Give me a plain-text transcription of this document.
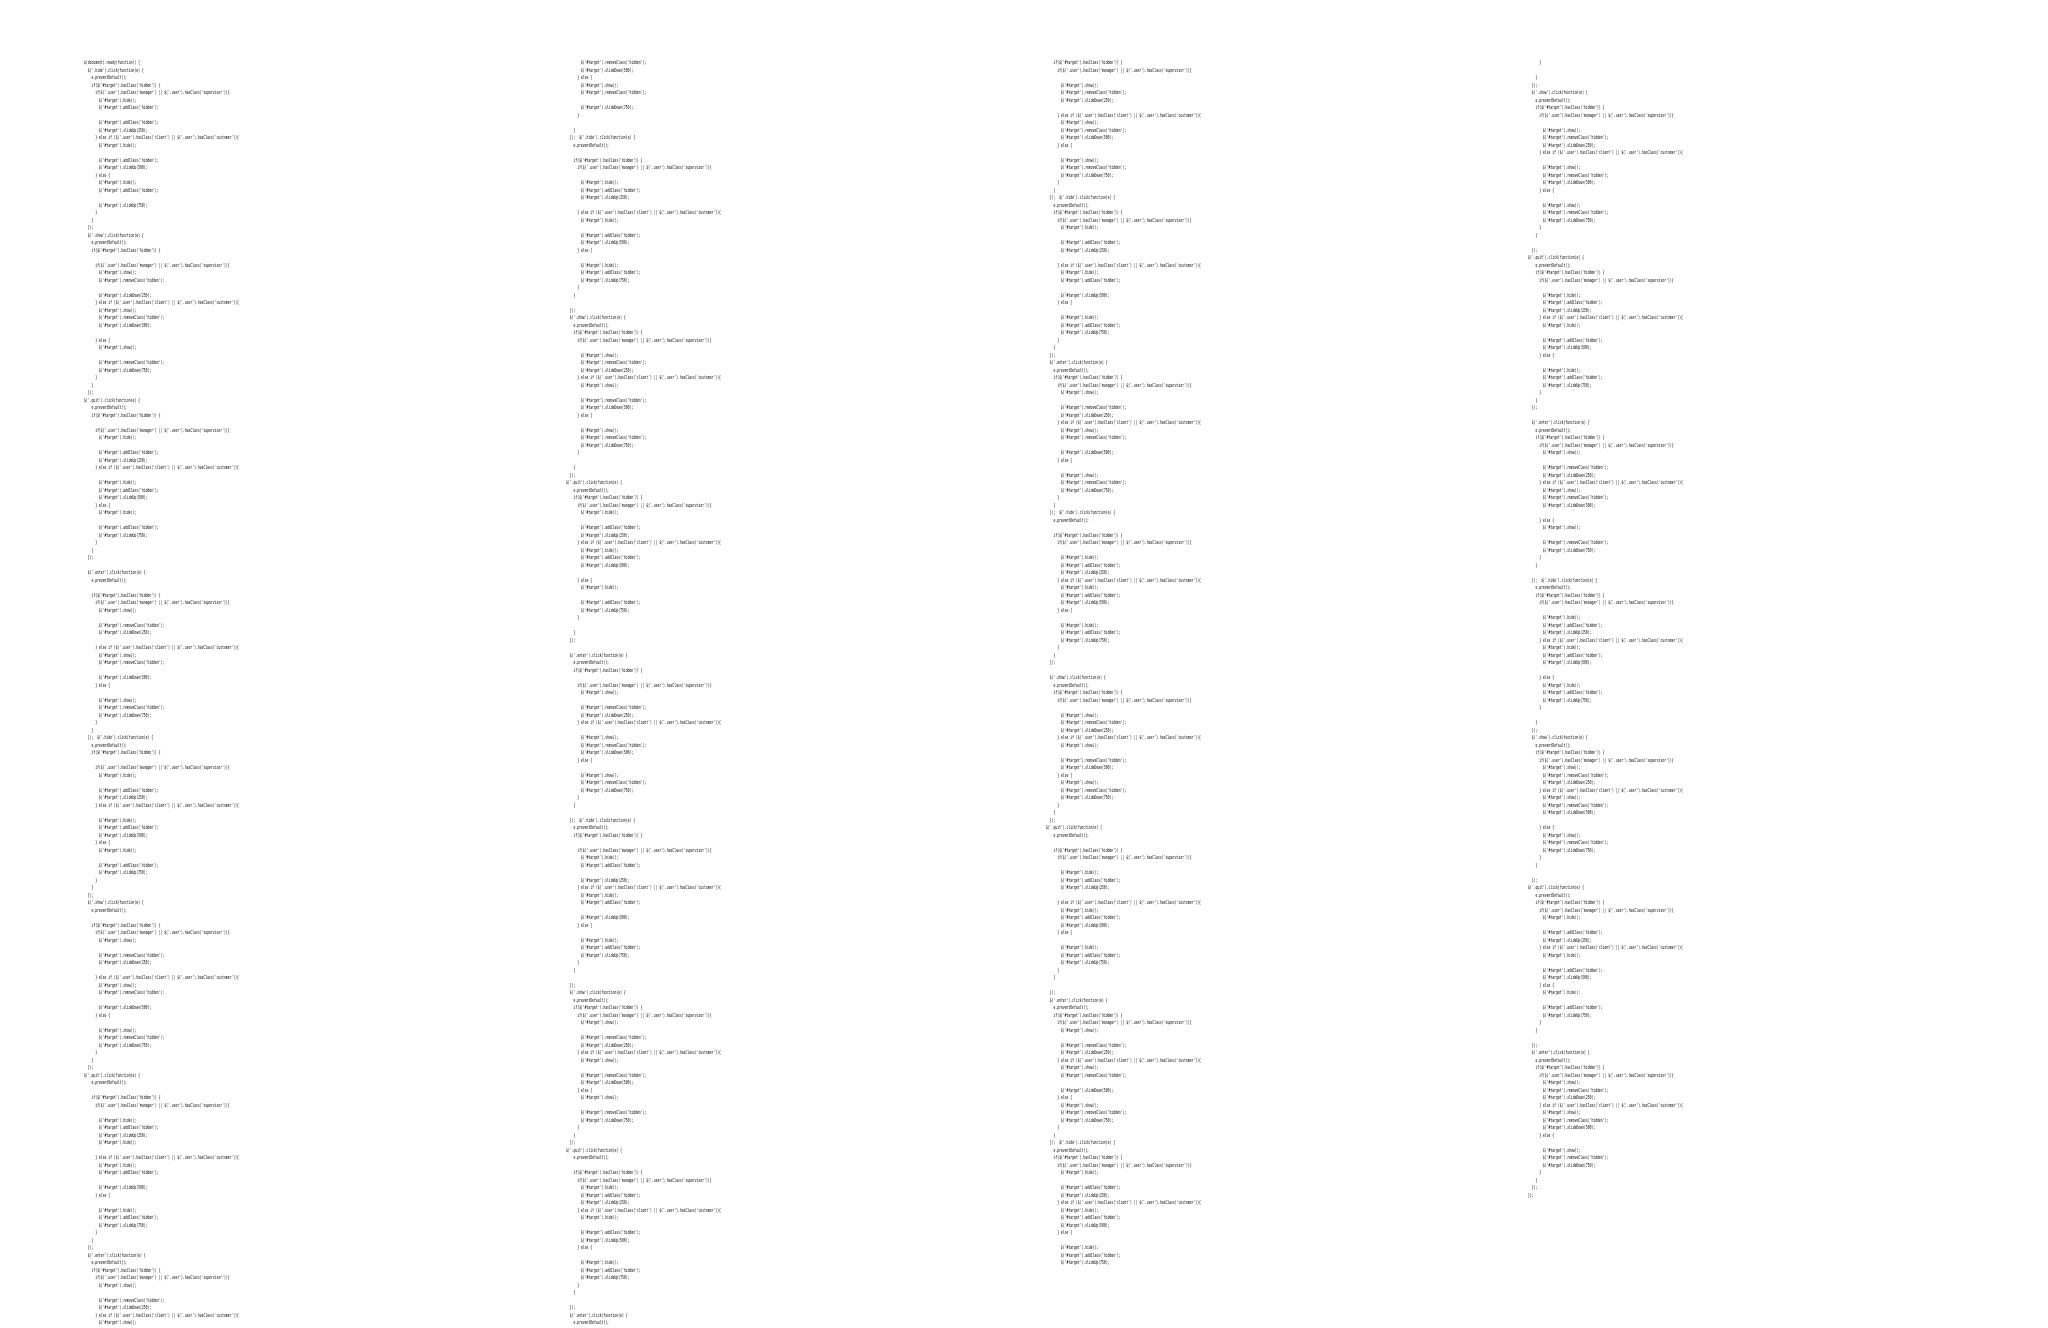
$(document).ready(function() {
$('.hide').click(function(e) {
e.preventDefault();
if($('#target').hasClass('hidden')) {
if($('.user').hasClass('manager') || $('.user').hasClass('supervisor')){
$('#target').hide();
$('#target').addClass('hidden');

$('#target').addClass('hidden');
$('#target').slideUp(250);
} else if ($('.user').hasClass('client') || $('.user').hasClass('customer')){
$('#target').hide();

$('#target').addClass('hidden');
$('#target').slideUp(500);
} else {
$('#target').hide();
$('#target').addClass('hidden');

$('#target').slideUp(750);
}
}
});
$('.show').click(function(e) {
e.preventDefault();
if($('#target').hasClass('hidden')) {

if($('.user').hasClass('manager') || $('.user').hasClass('supervisor')){
$('#target').show();
$('#target').removeClass('hidden');

$('#target').slideDown(250);
} else if ($('.user').hasClass('client') || $('.user').hasClass('customer')){
$('#target').show();
$('#target').removeClass('hidden');
$('#target').slideDown(500);

} else {
$('#target').show();

$('#target').removeClass('hidden');
$('#target').slideDown(750);
}
}
});
$('.quit').click(function(e) {
e.preventDefault();
if($('#target').hasClass('hidden')) {

if($('.user').hasClass('manager') || $('.user').hasClass('supervisor')){
$('#target').hide();

$('#target').addClass('hidden');
$('#target').slideUp(250);
} else if ($('.user').hasClass('client') || $('.user').hasClass('customer')){

$('#target').hide();
$('#target').addClass('hidden');
$('#target').slideUp(500);
} else {
$('#target').hide();

$('#target').addClass('hidden');
$('#target').slideUp(750);
}
}
});

$('.enter').click(function(e) {
e.preventDefault();

if($('#target').hasClass('hidden')) {
if($('.user').hasClass('manager') || $('.user').hasClass('supervisor')){
$('#target').show();

$('#target').removeClass('hidden');
$('#target').slideDown(250);

} else if ($('.user').hasClass('client') || $('.user').hasClass('customer')){
$('#target').show();
$('#target').removeClass('hidden');

$('#target').slideDown(500);
} else {

$('#target').show();
$('#target').removeClass('hidden');
$('#target').slideDown(750);
}
}
});  $('.hide').click(function(e) {
e.preventDefault();
if($('#target').hasClass('hidden')) {

if($('.user').hasClass('manager') || $('.user').hasClass('supervisor')){
$('#target').hide();

$('#target').addClass('hidden');
$('#target').slideUp(250);
} else if ($('.user').hasClass('client') || $('.user').hasClass('customer')){

$('#target').hide();
$('#target').addClass('hidden');
$('#target').slideUp(500);
} else {
$('#target').hide();

$('#target').addClass('hidden');
$('#target').slideUp(750);
}
}
});
$('.show').click(function(e) {
e.preventDefault();

if($('#target').hasClass('hidden')) {
if($('.user').hasClass('manager') || $('.user').hasClass('supervisor')){
$('#target').show();

$('#target').removeClass('hidden');
$('#target').slideDown(250);

} else if ($('.user').hasClass('client') || $('.user').hasClass('customer')){
$('#target').show();
$('#target').removeClass('hidden');

$('#target').slideDown(500);
} else {

$('#target').show();
$('#target').removeClass('hidden');
$('#target').slideDown(750);
}
}
});
$('.quit').click(function(e) {
e.preventDefault();

if($('#target').hasClass('hidden')) {
if($('.user').hasClass('manager') || $('.user').hasClass('supervisor')){

$('#target').hide();
$('#target').addClass('hidden');
$('#target').slideUp(250);
$('#target').hide();

} else if ($('.user').hasClass('client') || $('.user').hasClass('customer')){
$('#target').hide();
$('#target').addClass('hidden');

$('#target').slideUp(500);
} else {

$('#target').hide();
$('#target').addClass('hidden');
$('#target').slideUp(750);
}
}
});
$('.enter').click(function(e) {
e.preventDefault();
if($('#target').hasClass('hidden')) {
if($('.user').hasClass('manager') || $('.user').hasClass('supervisor')){
$('#target').show();

$('#target').removeClass('hidden');
$('#target').slideDown(250);
} else if ($('.user').hasClass('client') || $('.user').hasClass('customer')){
$('#target').show();
$('#target').removeClass('hidden');
$('#target').slideDown(500);
} else {
$('#target').show();
$('#target').removeClass('hidden');

$('#target').slideDown(750);
}

}
});  $('.hide').click(function(e) {
e.preventDefault();

if($('#target').hasClass('hidden')) {
if($('.user').hasClass('manager') || $('.user').hasClass('supervisor')){

$('#target').hide();
$('#target').addClass('hidden');
$('#target').slideUp(250);

} else if ($('.user').hasClass('client') || $('.user').hasClass('customer')){
$('#target').hide();

$('#target').addClass('hidden');
$('#target').slideUp(500);
} else {

$('#target').hide();
$('#target').addClass('hidden');
$('#target').slideUp(750);
}
}

});
$('.show').click(function(e) {
e.preventDefault();
if($('#target').hasClass('hidden')) {
if($('.user').hasClass('manager') || $('.user').hasClass('supervisor')){

$('#target').show();
$('#target').removeClass('hidden');
$('#target').slideDown(250);
} else if ($('.user').hasClass('client') || $('.user').hasClass('customer')){
$('#target').show();

$('#target').removeClass('hidden');
$('#target').slideDown(500);
} else {

$('#target').show();
$('#target').removeClass('hidden');
$('#target').slideDown(750);
}

}
});
$('.quit').click(function(e) {
e.preventDefault();
if($('#target').hasClass('hidden')) {
if($('.user').hasClass('manager') || $('.user').hasClass('supervisor')){
$('#target').hide();

$('#target').addClass('hidden');
$('#target').slideUp(250);
} else if ($('.user').hasClass('client') || $('.user').hasClass('customer')){
$('#target').hide();
$('#target').addClass('hidden');
$('#target').slideUp(500);

} else {
$('#target').hide();

$('#target').addClass('hidden');
$('#target').slideUp(750);
}

}
});

$('.enter').click(function(e) {
e.preventDefault();
if($('#target').hasClass('hidden')) {

if($('.user').hasClass('manager') || $('.user').hasClass('supervisor')){
$('#target').show();

$('#target').removeClass('hidden');
$('#target').slideDown(250);
} else if ($('.user').hasClass('client') || $('.user').hasClass('customer')){

$('#target').show();
$('#target').removeClass('hidden');
$('#target').slideDown(500);
} else {

$('#target').show();
$('#target').removeClass('hidden');
$('#target').slideDown(750);
}
}

});  $('.hide').click(function(e) {
e.preventDefault();
if($('#target').hasClass('hidden')) {

if($('.user').hasClass('manager') || $('.user').hasClass('supervisor')){
$('#target').hide();
$('#target').addClass('hidden');

$('#target').slideUp(250);
} else if ($('.user').hasClass('client') || $('.user').hasClass('customer')){
$('#target').hide();
$('#target').addClass('hidden');

$('#target').slideUp(500);
} else {

$('#target').hide();
$('#target').addClass('hidden');
$('#target').slideUp(750);
}
}

});
$('.show').click(function(e) {
e.preventDefault();
if($('#target').hasClass('hidden')) {
if($('.user').hasClass('manager') || $('.user').hasClass('supervisor')){
$('#target').show();

$('#target').removeClass('hidden');
$('#target').slideDown(250);
} else if ($('.user').hasClass('client') || $('.user').hasClass('customer')){
$('#target').show();

$('#target').removeClass('hidden');
$('#target').slideDown(500);
} else {
$('#target').show();

$('#target').removeClass('hidden');
$('#target').slideDown(750);
}
}
});
$('.quit').click(function(e) {
e.preventDefault();

if($('#target').hasClass('hidden')) {
if($('.user').hasClass('manager') || $('.user').hasClass('supervisor')){
$('#target').hide();
$('#target').addClass('hidden');
$('#target').slideUp(250);
} else if ($('.user').hasClass('client') || $('.user').hasClass('customer')){
$('#target').hide();

$('#target').addClass('hidden');
$('#target').slideUp(500);
} else {

$('#target').hide();
$('#target').addClass('hidden');
$('#target').slideUp(750);
}
}

});
$('.enter').click(function(e) {
e.preventDefault();
if($('#target').hasClass('hidden')) {
if($('.user').hasClass('manager') || $('.user').hasClass('supervisor')){

$('#target').show();
$('#target').removeClass('hidden');
$('#target').slideDown(250);

} else if ($('.user').hasClass('client') || $('.user').hasClass('customer')){
$('#target').show();
$('#target').removeClass('hidden');
$('#target').slideDown(500);
} else {

$('#target').show();
$('#target').removeClass('hidden');
$('#target').slideDown(750);
}
}
});  $('.hide').click(function(e) {
e.preventDefault();
if($('#target').hasClass('hidden')) {
if($('.user').hasClass('manager') || $('.user').hasClass('supervisor')){
$('#target').hide();

$('#target').addClass('hidden');
$('#target').slideUp(250);

} else if ($('.user').hasClass('client') || $('.user').hasClass('customer')){
$('#target').hide();
$('#target').addClass('hidden');

$('#target').slideUp(500);
} else {

$('#target').hide();
$('#target').addClass('hidden');
$('#target').slideUp(750);
}
}
});
$('.enter').click(function(e) {
e.preventDefault();
if($('#target').hasClass('hidden')) {
if($('.user').hasClass('manager') || $('.user').hasClass('supervisor')){
$('#target').show();

$('#target').removeClass('hidden');
$('#target').slideDown(250);
} else if ($('.user').hasClass('client') || $('.user').hasClass('customer')){
$('#target').show();
$('#target').removeClass('hidden');

$('#target').slideDown(500);
} else {

$('#target').show();
$('#target').removeClass('hidden');
$('#target').slideDown(750);
}
}
});  $('.hide').click(function(e) {
e.preventDefault();

if($('#target').hasClass('hidden')) {
if($('.user').hasClass('manager') || $('.user').hasClass('supervisor')){

$('#target').hide();
$('#target').addClass('hidden');
$('#target').slideUp(250);
} else if ($('.user').hasClass('client') || $('.user').hasClass('customer')){
$('#target').hide();
$('#target').addClass('hidden');
$('#target').slideUp(500);
} else {

$('#target').hide();
$('#target').addClass('hidden');
$('#target').slideUp(750);
}
}
});

$('.show').click(function(e) {
e.preventDefault();
if($('#target').hasClass('hidden')) {
if($('.user').hasClass('manager') || $('.user').hasClass('supervisor')){

$('#target').show();
$('#target').removeClass('hidden');
$('#target').slideDown(250);
} else if ($('.user').hasClass('client') || $('.user').hasClass('customer')){
$('#target').show();

$('#target').removeClass('hidden');
$('#target').slideDown(500);
} else {
$('#target').show();
$('#target').removeClass('hidden');
$('#target').slideDown(750);
}
}
});
$('.quit').click(function(e) {
e.preventDefault();

if($('#target').hasClass('hidden')) {
if($('.user').hasClass('manager') || $('.user').hasClass('supervisor')){

$('#target').hide();
$('#target').addClass('hidden');
$('#target').slideUp(250);

} else if ($('.user').hasClass('client') || $('.user').hasClass('customer')){
$('#target').hide();
$('#target').addClass('hidden');
$('#target').slideUp(500);
} else {

$('#target').hide();
$('#target').addClass('hidden');
$('#target').slideUp(750);
}
}

});
$('.enter').click(function(e) {
e.preventDefault();
if($('#target').hasClass('hidden')) {
if($('.user').hasClass('manager') || $('.user').hasClass('supervisor')){
$('#target').show();

$('#target').removeClass('hidden');
$('#target').slideDown(250);
} else if ($('.user').hasClass('client') || $('.user').hasClass('customer')){
$('#target').show();
$('#target').removeClass('hidden');

$('#target').slideDown(500);
} else {
$('#target').show();
$('#target').removeClass('hidden');
$('#target').slideDown(750);
}
}
});  $('.hide').click(function(e) {
e.preventDefault();
if($('#target').hasClass('hidden')) {
if($('.user').hasClass('manager') || $('.user').hasClass('supervisor')){
$('#target').hide();

$('#target').addClass('hidden');
$('#target').slideUp(250);
} else if ($('.user').hasClass('client') || $('.user').hasClass('customer')){
$('#target').hide();
$('#target').addClass('hidden');
$('#target').slideUp(500);
} else {

$('#target').hide();
$('#target').addClass('hidden');
$('#target').slideUp(750);
}

}
});
$('.show').click(function(e) {
e.preventDefault();
if($('#target').hasClass('hidden')) {
if($('.user').hasClass('manager') || $('.user').hasClass('supervisor')){

$('#target').show();
$('#target').removeClass('hidden');
$('#target').slideDown(250);
} else if ($('.user').hasClass('client') || $('.user').hasClass('customer')){

$('#target').show();
$('#target').removeClass('hidden');
$('#target').slideDown(500);
} else {

$('#target').show();
$('#target').removeClass('hidden');
$('#target').slideDown(750);
}
}

});
$('.quit').click(function(e) {
e.preventDefault();
if($('#target').hasClass('hidden')) {
if($('.user').hasClass('manager') || $('.user').hasClass('supervisor')){

$('#target').hide();
$('#target').addClass('hidden');
$('#target').slideUp(250);
} else if ($('.user').hasClass('client') || $('.user').hasClass('customer')){
$('#target').hide();

$('#target').addClass('hidden');
$('#target').slideUp(500);
} else {

$('#target').hide();
$('#target').addClass('hidden');
$('#target').slideUp(750);
}
}
});

$('.enter').click(function(e) {
e.preventDefault();
if($('#target').hasClass('hidden')) {
if($('.user').hasClass('manager') || $('.user').hasClass('supervisor')){
$('#target').show();

$('#target').removeClass('hidden');
$('#target').slideDown(250);
} else if ($('.user').hasClass('client') || $('.user').hasClass('customer')){
$('#target').show();
$('#target').removeClass('hidden');
$('#target').slideDown(500);

} else {
$('#target').show();

$('#target').removeClass('hidden');
$('#target').slideDown(750);
}
}

});  $('.hide').click(function(e) {
e.preventDefault();
if($('#target').hasClass('hidden')) {
if($('.user').hasClass('manager') || $('.user').hasClass('supervisor')){

$('#target').hide();
$('#target').addClass('hidden');
$('#target').slideUp(250);
} else if ($('.user').hasClass('client') || $('.user').hasClass('customer')){
$('#target').hide();
$('#target').addClass('hidden');
$('#target').slideUp(500);

} else {
$('#target').hide();
$('#target').addClass('hidden');
$('#target').slideUp(750);
}

}
});
$('.show').click(function(e) {
e.preventDefault();
if($('#target').hasClass('hidden')) {
if($('.user').hasClass('manager') || $('.user').hasClass('supervisor')){
$('#target').show();
$('#target').removeClass('hidden');
$('#target').slideDown(250);
} else if ($('.user').hasClass('client') || $('.user').hasClass('customer')){
$('#target').show();
$('#target').removeClass('hidden');
$('#target').slideDown(500);

} else {
$('#target').show();
$('#target').removeClass('hidden');
$('#target').slideDown(750);
}
}

});
$('.quit').click(function(e) {
e.preventDefault();
if($('#target').hasClass('hidden')) {
if($('.user').hasClass('manager') || $('.user').hasClass('supervisor')){
$('#target').hide();

$('#target').addClass('hidden');
$('#target').slideUp(250);
} else if ($('.user').hasClass('client') || $('.user').hasClass('customer')){
$('#target').hide();

$('#target').addClass('hidden');
$('#target').slideUp(500);
} else {
$('#target').hide();

$('#target').addClass('hidden');
$('#target').slideUp(750);
}
}

});
$('.enter').click(function(e) {
e.preventDefault();
if($('#target').hasClass('hidden')) {
if($('.user').hasClass('manager') || $('.user').hasClass('supervisor')){
$('#target').show();
$('#target').removeClass('hidden');
$('#target').slideDown(250);
} else if ($('.user').hasClass('client') || $('.user').hasClass('customer')){
$('#target').show();
$('#target').removeClass('hidden');
$('#target').slideDown(500);
} else {

$('#target').show();
$('#target').removeClass('hidden');
$('#target').slideDown(750);
}
}
});
});
